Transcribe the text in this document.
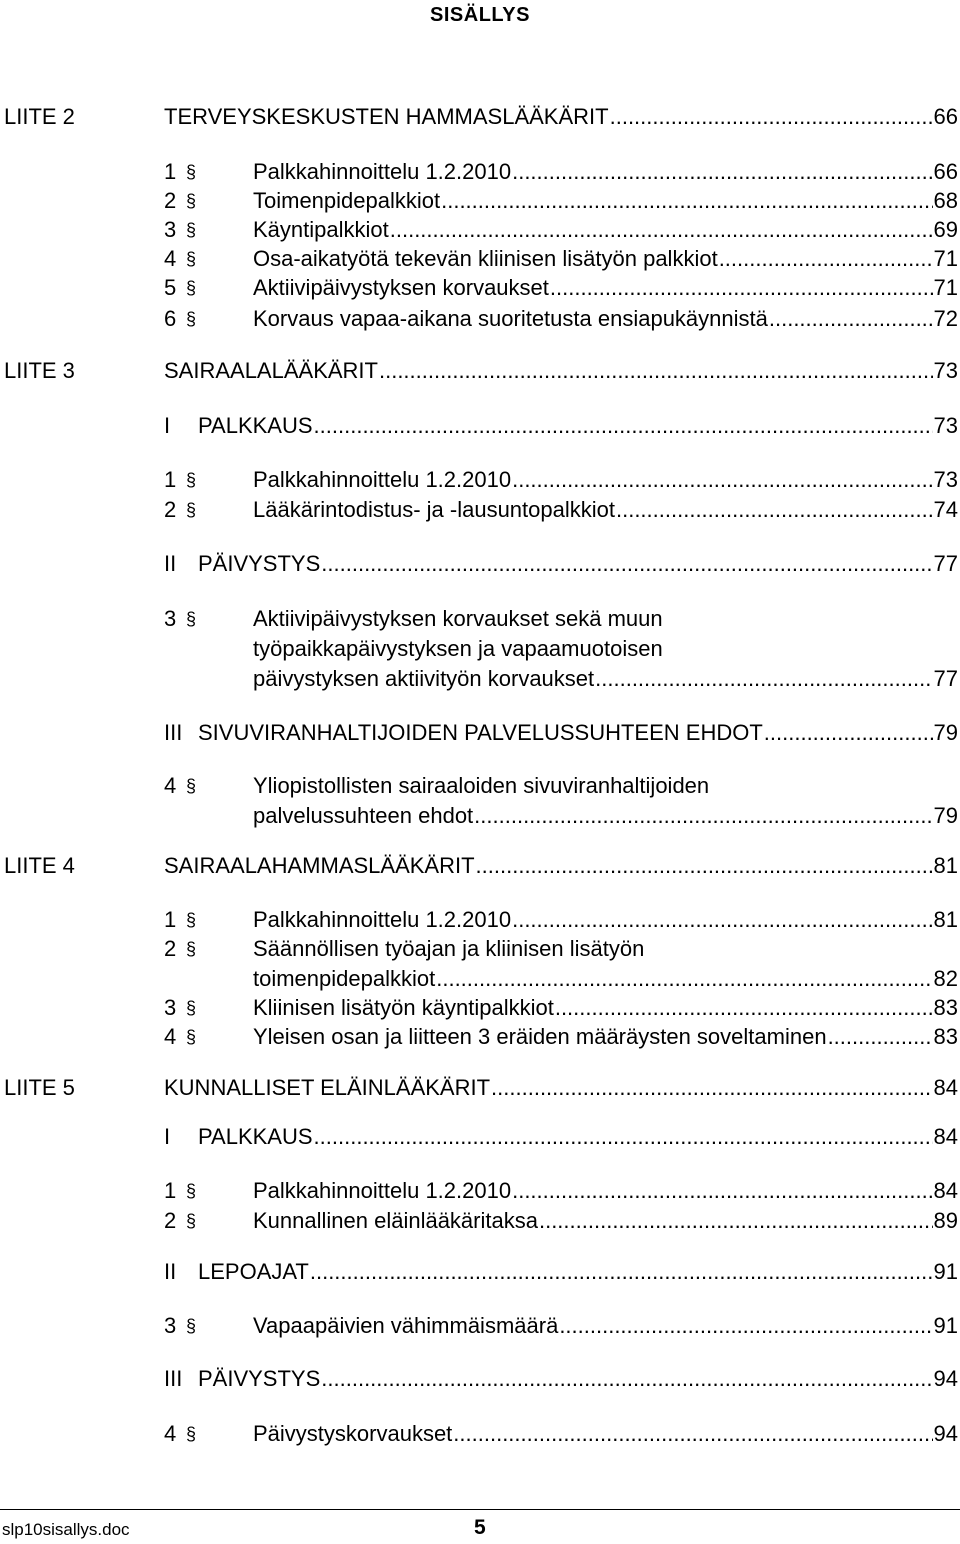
SISÄLLYS
LIITE 2	TERVEYSKESKUSTEN HAMMASLÄÄKÄRIT .....	66
1 §	Palkkahinnoittelu 1.2.2010 .....	66
2 §	Toimenpidepalkkiot .....	68
3 §	Käyntipalkkiot .....	69
4 §	Osa-aikatyötä tekevän kliinisen lisätyön palkkiot .....	71
5 §	Aktiivipäivystyksen korvaukset .....	71
6 §	Korvaus vapaa-aikana suoritetusta ensiapukäynnistä .....	72
LIITE 3	SAIRAALALÄÄKÄRIT .....	73
I PALKKAUS .....	73
1 §	Palkkahinnoittelu 1.2.2010 .....	73
2 §	Lääkärintodistus- ja -lausuntopalkkiot .....	74
II PÄIVYSTYS .....	77
3 §	Aktiivipäivystyksen korvaukset sekä muun
työpaikkapäivystyksen ja vapaamuotoisen
päivystyksen aktiivityön korvaukset .....	77
III SIVUVIRANHALTIJOIDEN PALVELUSSUHTEEN EHDOT .....	79
4 §	Yliopistollisten sairaaloiden sivuviranhaltijoiden
palvelussuhteen ehdot .....	79
LIITE 4	SAIRAALAHAMMASLÄÄKÄRIT .....	81
1 §	Palkkahinnoittelu 1.2.2010 .....	81
2 §	Säännöllisen työajan ja kliinisen lisätyön
toimenpidepalkkiot .....	82
3 §	Kliinisen lisätyön käyntipalkkiot .....	83
4 §	Yleisen osan ja liitteen 3 eräiden määräysten soveltaminen .....	83
LIITE 5	KUNNALLISET ELÄINLÄÄKÄRIT .....	84
I PALKKAUS .....	84
1 §	Palkkahinnoittelu 1.2.2010 .....	84
2 §	Kunnallinen eläinlääkäritaksa .....	89
II LEPOAJAT .....	91
3 §	Vapaapäivien vähimmäismäärä .....	91
III PÄIVYSTYS .....	94
4 §	Päivystyskorvaukset .....	94
slp10sisallys.doc	5
